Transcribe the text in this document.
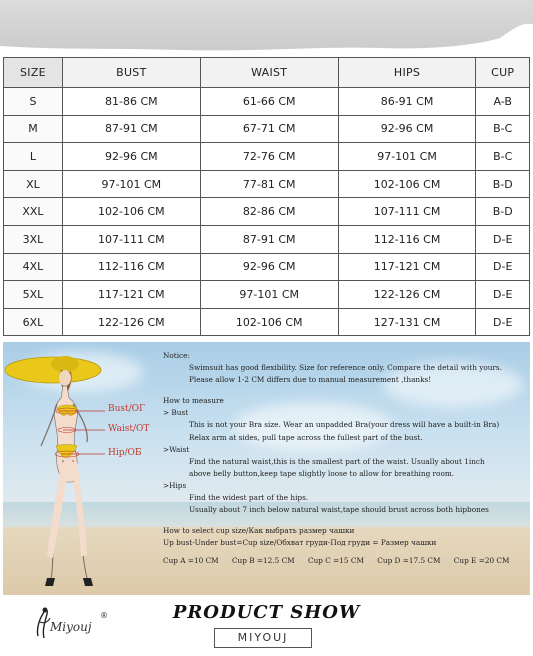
SIZE	BUST	WAIST	HIPS	CUP
S	81-86 CM	61-66 CM	86-91 CM	A-B
M	87-91 CM	67-71 CM	92-96 CM	B-C
L	92-96 CM	72-76 CM	97-101 CM	B-C
XL	97-101 CM	77-81 CM	102-106 CM	B-D
XXL	102-106 CM	82-86 CM	107-111 CM	B-D
3XL	107-111 CM	87-91 CM	112-116 CM	D-E
4XL	112-116 CM	92-96 CM	117-121 CM	D-E
5XL	117-121 CM	97-101 CM	122-126 CM	D-E
6XL	122-126 CM	102-106 CM	127-131 CM	D-E
Bust/ОГ
Waist/OT
Hip/ОБ
Notice:
Swimsuit has good flexibility. Size for reference only. Compare the detail with yours.
Please allow 1-2 CM differs due to manual measurement ,thanks!
How to measure
> Bust
This is not your Bra size. Wear an unpadded Bra(your dress will have a built-in Bra)
Relax arm at sides, pull tape across the fullest part of the bust.
>Waist
Find the natural waist,this is the smallest part of the waist. Usually about 1inch
above belly button,keep tape slightly loose to allow for breathing room.
>Hips
Find the widest part of the hips.
Usually about 7 inch below natural waist,tape should brust across both hipbones
How to select cup size/Как выбрать размер чашки
Up bust-Under bust=Cup size/Обхват груди-Под груди = Размер чашки
Cup A =10 CM Cup B =12.5 CM Cup C =15 CM Cup D =17.5 CM Cup E =20 CM
Miyouj
®	PRODUCT SHOW
MIYOUJ
